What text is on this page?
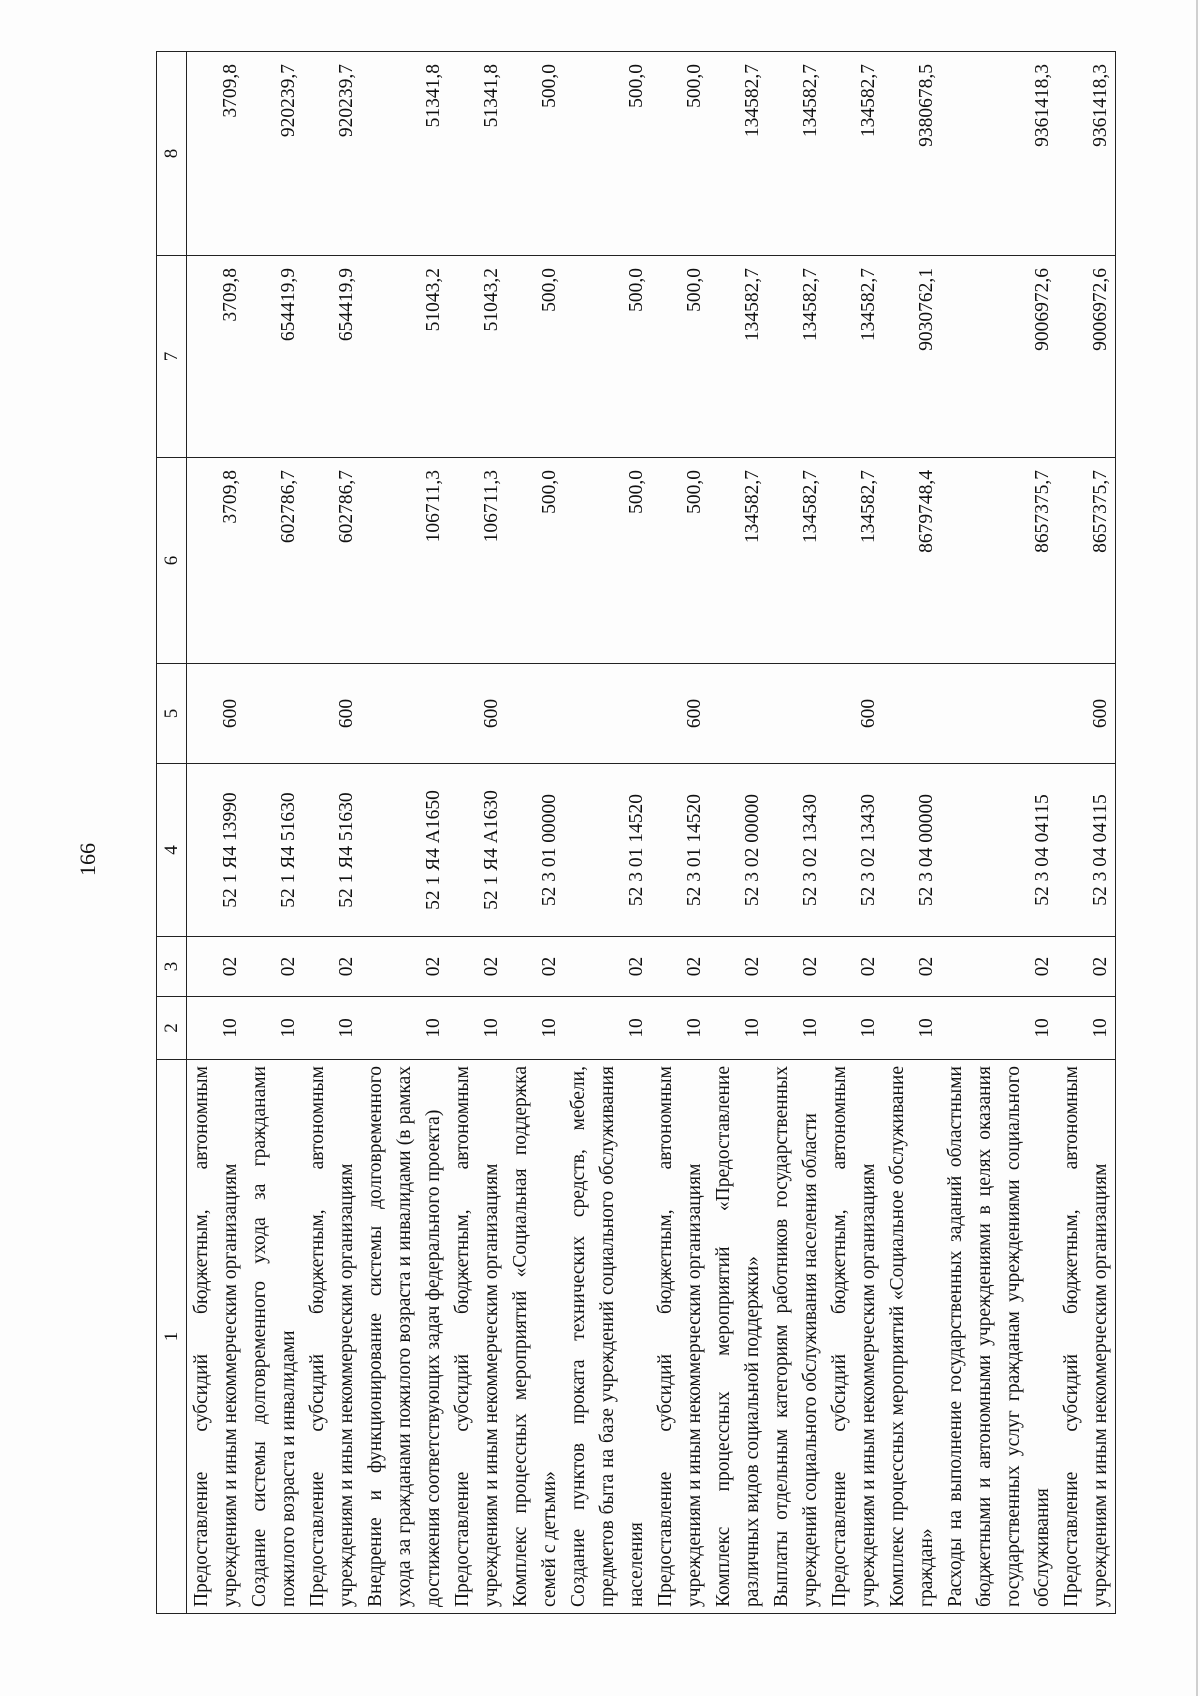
166
1	2	3	4	5	6	7	8
Предоставление субсидий бюджетным, автономным учреждениям и иным некоммерческим организациям	10	02	52 1 Я4 13990	600	3709,8	3709,8	3709,8
Создание системы долговременного ухода за гражданами пожилого возраста и инвалидами	10	02	52 1 Я4 51630		602786,7	654419,9	920239,7
Предоставление субсидий бюджетным, автономным учреждениям и иным некоммерческим организациям	10	02	52 1 Я4 51630	600	602786,7	654419,9	920239,7
Внедрение и функционирование системы долговременного ухода за гражданами пожилого возраста и инвалидами (в рамках достижения соответствующих задач федерального проекта)	10	02	52 1 Я4 А1650		106711,3	51043,2	51341,8
Предоставление субсидий бюджетным, автономным учреждениям и иным некоммерческим организациям	10	02	52 1 Я4 А1630	600	106711,3	51043,2	51341,8
Комплекс процессных мероприятий «Социальная поддержка семей с детьми»	10	02	52 3 01 00000		500,0	500,0	500,0
Создание пунктов проката технических средств, мебели, предметов быта на базе учреждений социального обслуживания населения	10	02	52 3 01 14520		500,0	500,0	500,0
Предоставление субсидий бюджетным, автономным учреждениям и иным некоммерческим организациям	10	02	52 3 01 14520	600	500,0	500,0	500,0
Комплекс процессных мероприятий «Предоставление различных видов социальной поддержки»	10	02	52 3 02 00000		134582,7	134582,7	134582,7
Выплаты отдельным категориям работников государственных учреждений социального обслуживания населения области	10	02	52 3 02 13430		134582,7	134582,7	134582,7
Предоставление субсидий бюджетным, автономным учреждениям и иным некоммерческим организациям	10	02	52 3 02 13430	600	134582,7	134582,7	134582,7
Комплекс процессных мероприятий «Социальное обслуживание граждан»	10	02	52 3 04 00000		8679748,4	9030762,1	9380678,5
Расходы на выполнение государственных заданий областными бюджетными и автономными учреждениями в целях оказания государственных услуг гражданам учреждениями социального обслуживания	10	02	52 3 04 04115		8657375,7	9006972,6	9361418,3
Предоставление субсидий бюджетным, автономным учреждениям и иным некоммерческим организациям	10	02	52 3 04 04115	600	8657375,7	9006972,6	9361418,3
